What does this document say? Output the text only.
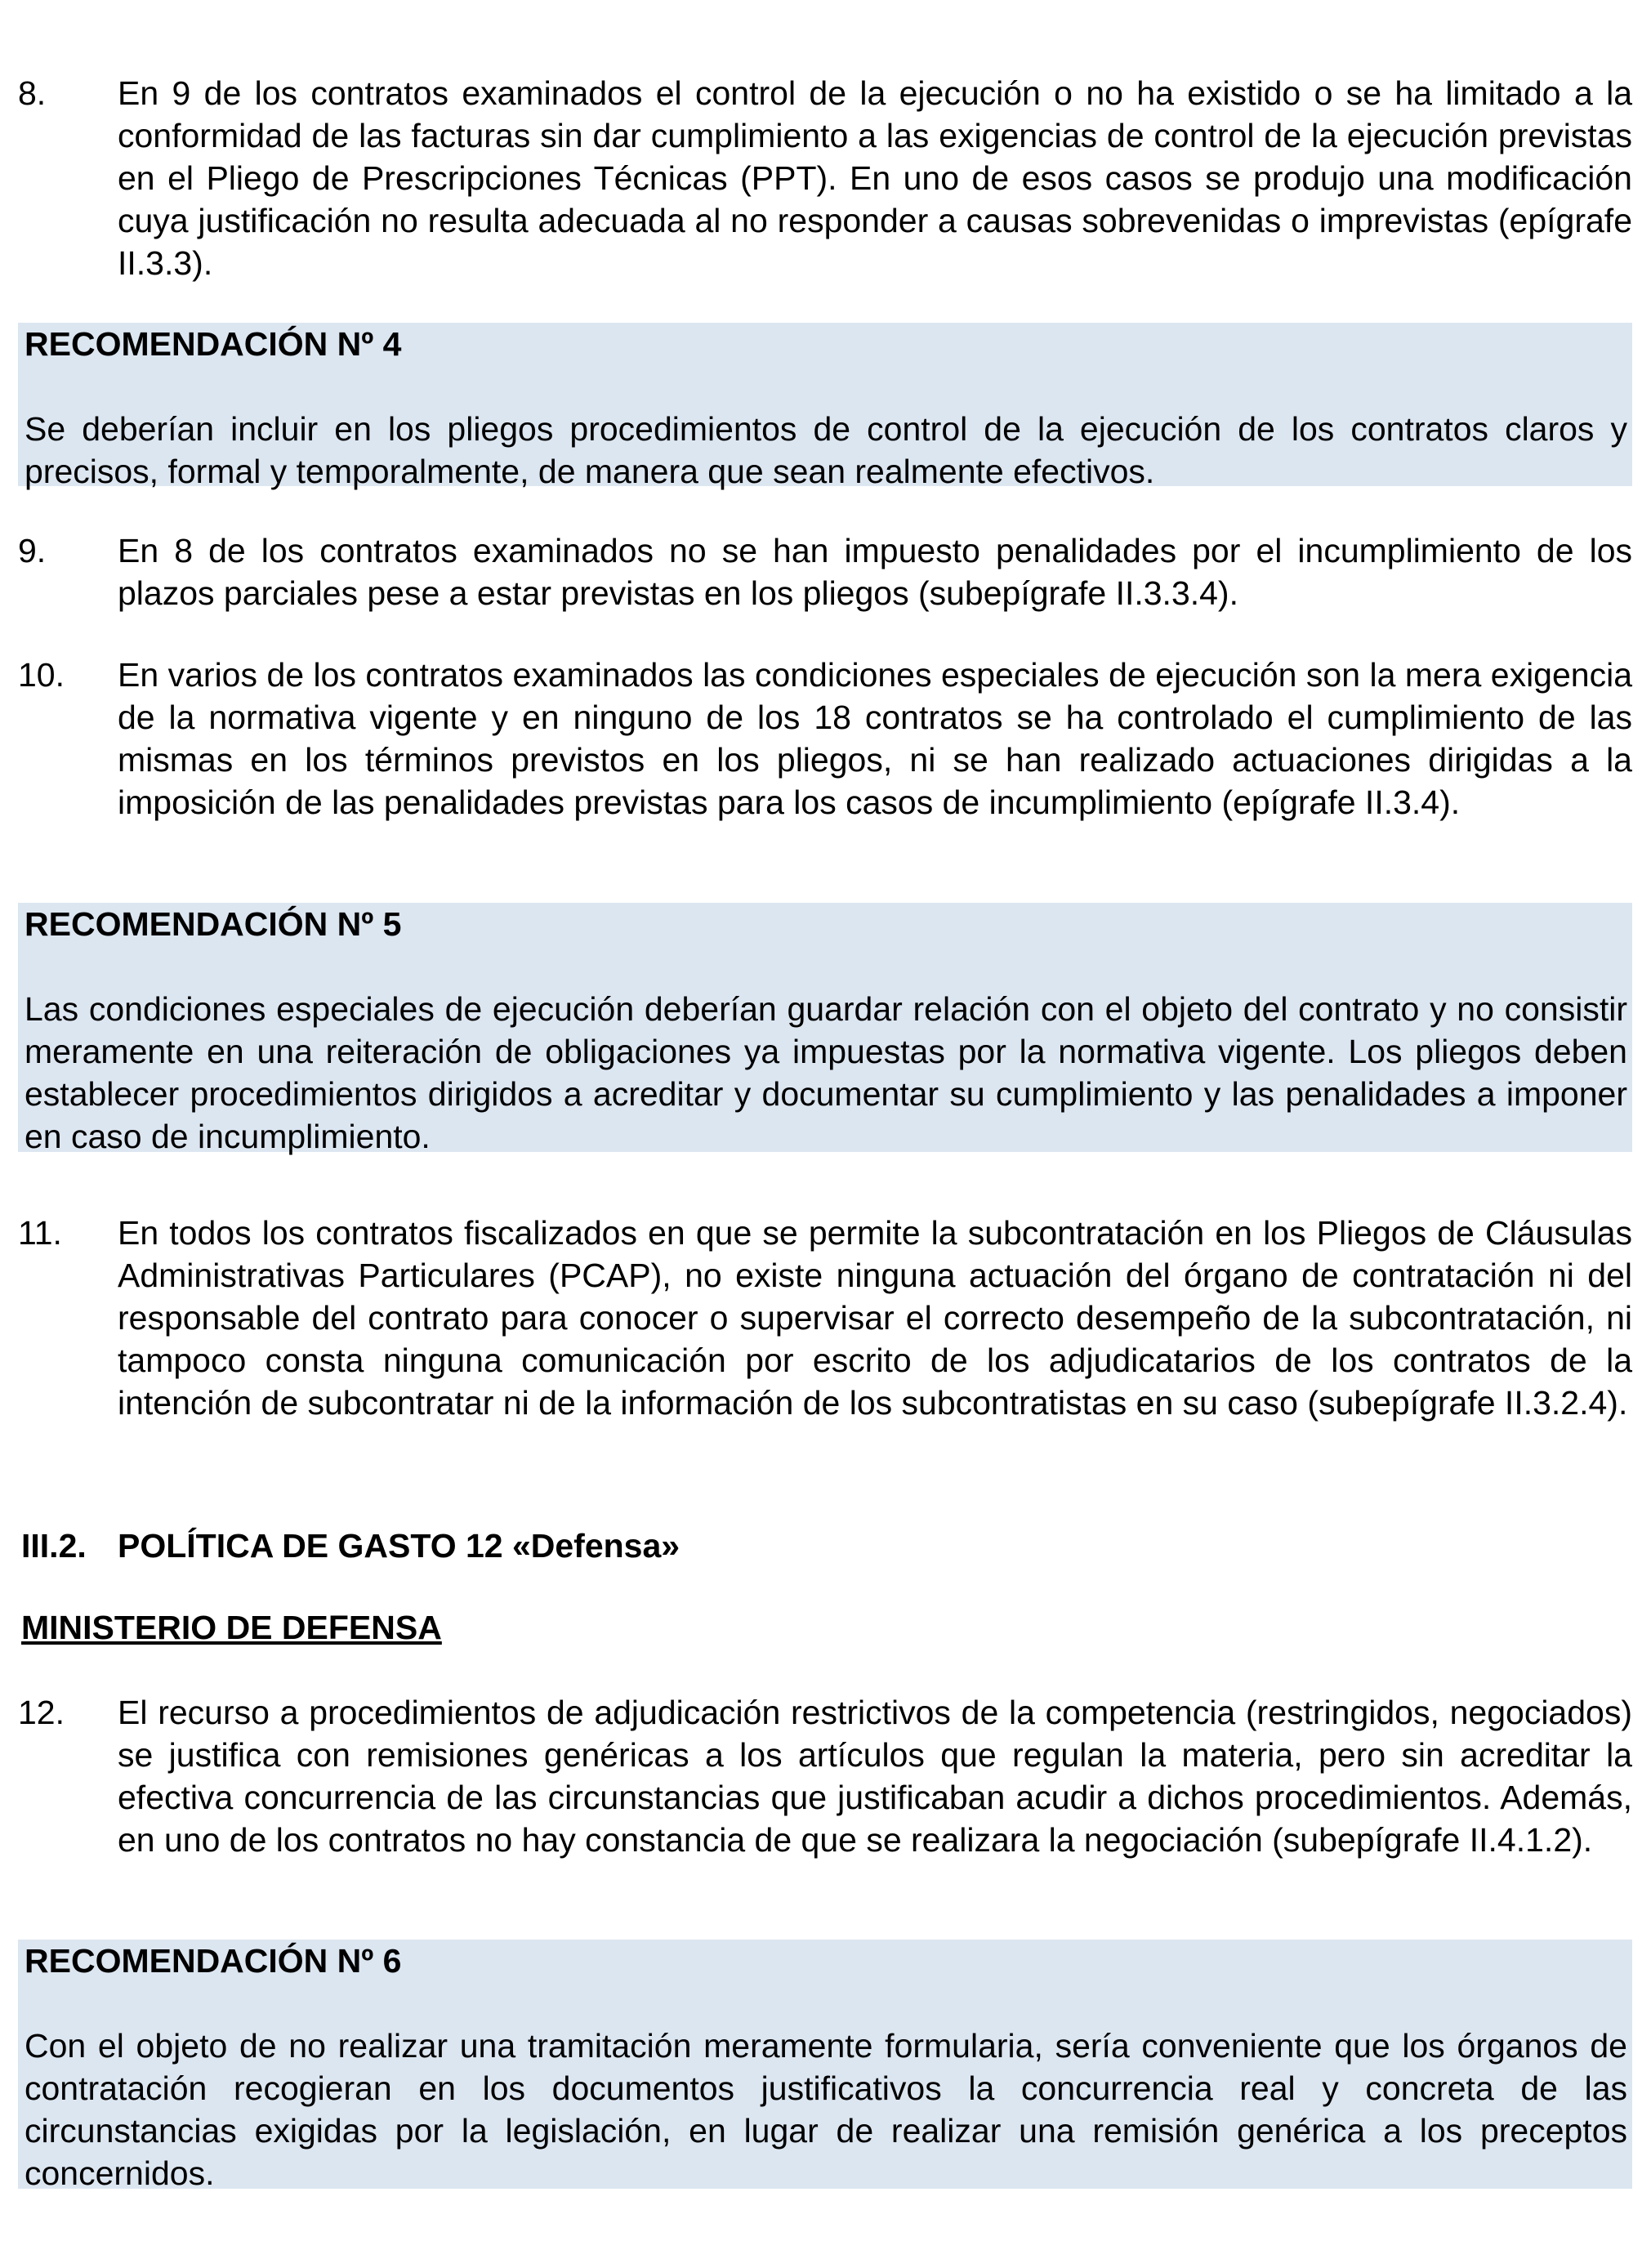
8.	En 9 de los contratos examinados el control de la ejecución o no ha existido o se ha limitado a la conformidad de las facturas sin dar cumplimiento a las exigencias de control de la ejecución previstas en el Pliego de Prescripciones Técnicas (PPT). En uno de esos casos se produjo una modificación cuya justificación no resulta adecuada al no responder a causas sobrevenidas o imprevistas (epígrafe II.3.3).
RECOMENDACIÓN Nº 4
Se deberían incluir en los pliegos procedimientos de control de la ejecución de los contratos claros y precisos, formal y temporalmente, de manera que sean realmente efectivos.
9.	En 8 de los contratos examinados no se han impuesto penalidades por el incumplimiento de los plazos parciales pese a estar previstas en los pliegos (subepígrafe II.3.3.4).
10.	En varios de los contratos examinados las condiciones especiales de ejecución son la mera exigencia de la normativa vigente y en ninguno de los 18 contratos se ha controlado el cumplimiento de las mismas en los términos previstos en los pliegos, ni se han realizado actuaciones dirigidas a la imposición de las penalidades previstas para los casos de incumplimiento (epígrafe II.3.4).
RECOMENDACIÓN Nº 5
Las condiciones especiales de ejecución deberían guardar relación con el objeto del contrato y no consistir meramente en una reiteración de obligaciones ya impuestas por la normativa vigente. Los pliegos deben establecer procedimientos dirigidos a acreditar y documentar su cumplimiento y las penalidades a imponer en caso de incumplimiento.
11.	En todos los contratos fiscalizados en que se permite la subcontratación en los Pliegos de Cláusulas Administrativas Particulares (PCAP), no existe ninguna actuación del órgano de contratación ni del responsable del contrato para conocer o supervisar el correcto desempeño de la subcontratación, ni tampoco consta ninguna comunicación por escrito de los adjudicatarios de los contratos de la intención de subcontratar ni de la información de los subcontratistas en su caso (subepígrafe II.3.2.4).
III.2. POLÍTICA DE GASTO 12 «Defensa»
MINISTERIO DE DEFENSA
12.	El recurso a procedimientos de adjudicación restrictivos de la competencia (restringidos, negociados) se justifica con remisiones genéricas a los artículos que regulan la materia, pero sin acreditar la efectiva concurrencia de las circunstancias que justificaban acudir a dichos procedimientos. Además, en uno de los contratos no hay constancia de que se realizara la negociación (subepígrafe II.4.1.2).
RECOMENDACIÓN Nº 6
Con el objeto de no realizar una tramitación meramente formularia, sería conveniente que los órganos de contratación recogieran en los documentos justificativos la concurrencia real y concreta de las circunstancias exigidas por la legislación, en lugar de realizar una remisión genérica a los preceptos concernidos.
